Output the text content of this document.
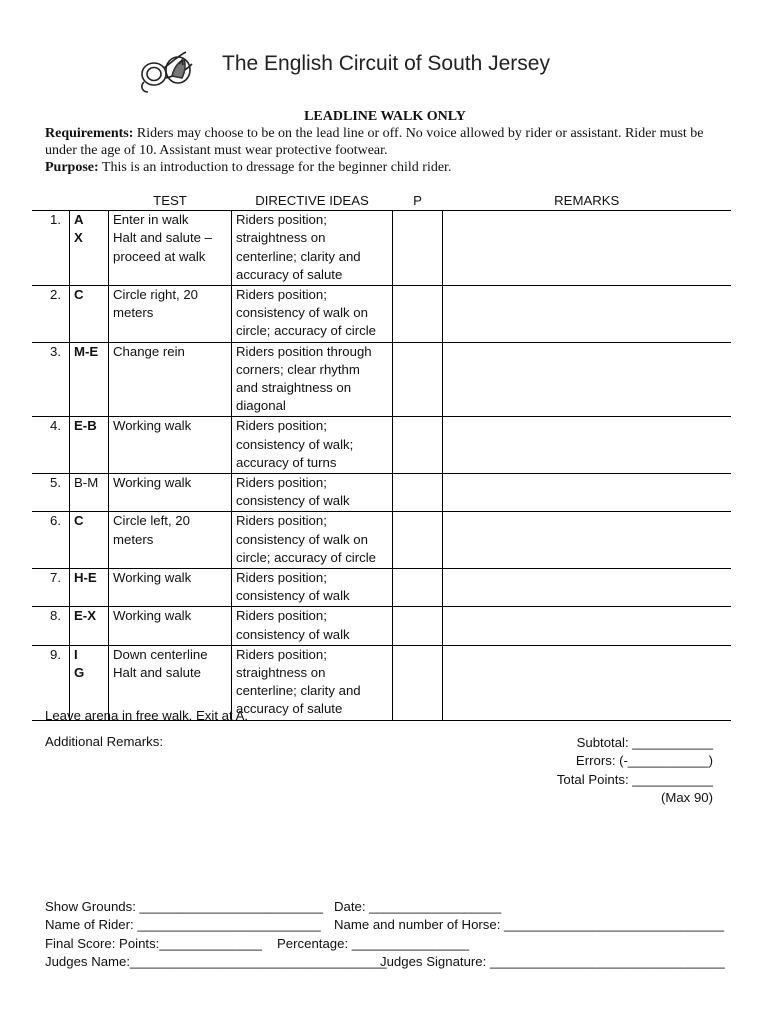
The English Circuit of South Jersey
LEADLINE WALK ONLY

Requirements: Riders may choose to be on the lead line or off. No voice allowed by rider or assistant. Rider must be under the age of 10. Assistant must wear protective footwear.

Purpose: This is an introduction to dressage for the beginner child rider.

		TEST	DIRECTIVE IDEAS	P	REMARKS
1.	A
X	Enter in walk
Halt and salute –
proceed at walk	Riders position;
straightness on
centerline; clarity and
accuracy of salute		

2.	C	Circle right, 20
meters	Riders position;
consistency of walk on
circle; accuracy of circle		

3.	M-E	Change rein	Riders position through
corners; clear rhythm
and straightness on
diagonal		

4.	E-B	Working walk	Riders position;
consistency of walk;
accuracy of turns		

5.	B-M	Working walk	Riders position;
consistency of walk		

6.	C	Circle left, 20
meters	Riders position;
consistency of walk on
circle; accuracy of circle		

7.	H-E	Working walk	Riders position;
consistency of walk		

8.	E-X	Working walk	Riders position;
consistency of walk		

9.	I
G	Down centerline
Halt and salute	Riders position;
straightness on
centerline; clarity and
accuracy of salute		

Leave arena in free walk. Exit at A.
Additional Remarks:	Subtotal: ___________
Errors: (-___________)
Total Points: ___________
(Max 90)
Show Grounds: _________________________ Date: __________________
Name of Rider: _________________________ Name and number of Horse: ______________________________
Final Score: Points:______________ Percentage: ________________
Judges Name:___________________________________Judges Signature: ________________________________
